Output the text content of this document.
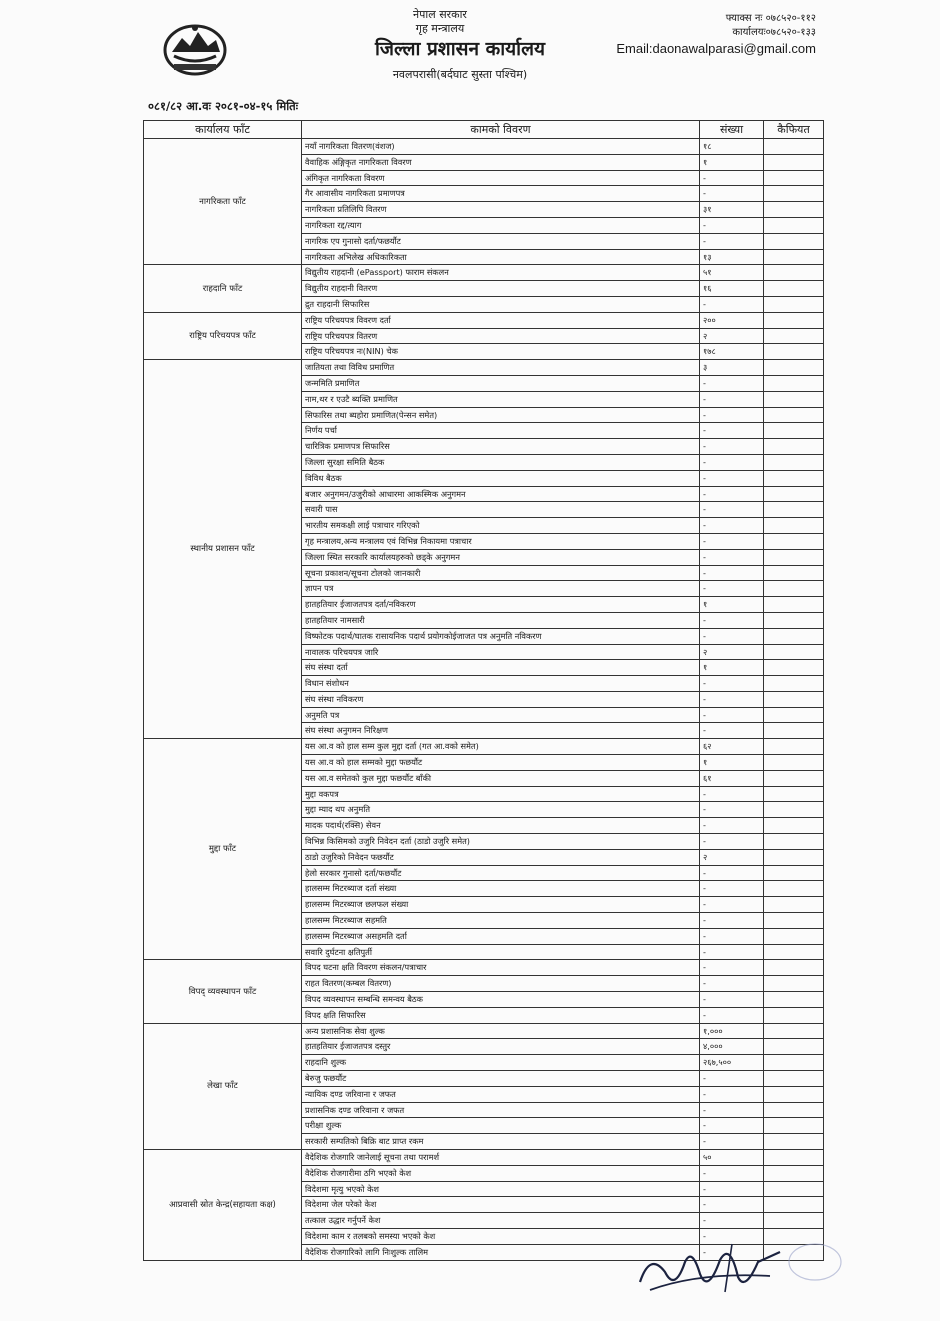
नेपाल सरकार
गृह मन्त्रालय
जिल्ला प्रशासन कार्यालय
नवलपरासी(बर्दघाट सुस्ता पश्चिम)
फ्याक्स नः ०७८५२०-११२
कार्यालयः०७८५२०-१३३
Email:daonawalparasi@gmail.com
०८१/८२ आ.वः २०८१-०४-१५ मितिः
कार्यालय फाँट	कामको विवरण	संख्या	कैफियत
नागरिकता फाँट	नयाँ नागरिकता वितरण(वंशज)	१८	
	वैवाहिक अंङ्गिकृत नागरिकता विवरण	१	
	अंगिकृत नागरिकता विवरण	-	
	गैर आवासीय नागरिकता प्रमाणपत्र	-	
	नागरिकता प्रतिलिपि वितरण	३१	
	नागरिकता रद्द/त्याग	-	
	नागरिक एप गुनासो दर्ता/फछर्यौट	-	
	नागरिकता अभिलेख अधिकारिकता	१३	
राहदानि फाँट	विद्युतीय राहदानी (ePassport) फाराम संकलन	५१	
	विद्युतीय राहदानी वितरण	१६	
	द्रुत राहदानी सिफारिस	-	
राष्ट्रिय परिचयपत्र फाँट	राष्ट्रिय परिचयपत्र विवरण दर्ता	२००	
	राष्ट्रिय परिचयपत्र वितरण	२	
	राष्ट्रिय परिचयपत्र नः(NIN) चेक	१७८	
स्थानीय प्रशासन फाँट	जातियता तथा विविध प्रमाणित	३	
	जन्ममिति प्रमाणित	-	
	नाम,थर र एउटै ब्यक्ति प्रमाणित	-	
	सिफारिस तथा ब्यहोरा प्रमाणित(पेन्सन समेत)	-	
	निर्णय पर्चा	-	
	चारित्रिक प्रमाणपत्र सिफारिस	-	
	जिल्ला सुरक्षा समिति बैठक	-	
	विविध बैठक	-	
	बजार अनुगमन/उजुरीको आधारमा आकस्मिक अनुगमन	-	
	सवारी पास	-	
	भारतीय समकक्षी लाई पत्राचार गरिएको	-	
	गृह मन्त्रालय,अन्य मन्त्रालय एवं विभिन्न निकायमा पत्राचार	-	
	जिल्ला स्थित सरकारि कार्यालयहरुको छड्के अनुगमन	-	
	सूचना प्रकाशन/सूचना टोलको जानकारी	-	
	ज्ञापन पत्र	-	
	हातहतियार ईजाजतपत्र दर्ता/नविकरण	१	
	हातहतियार नामसारी	-	
	विष्फोटक पदार्थ/घातक रासायनिक पदार्थ प्रयोगको‌ईजाजत पत्र अनुमति नविकरण	-	
	नावालक परिचयपत्र जारि	२	
	संघ संस्था दर्ता	१	
	विधान संशोधन	-	
	संघ संस्था नविकरण	-	
	अनुमति पत्र	-	
	संघ संस्था अनुगमन निरिक्षण	-	
मुद्दा फाँट	यस आ.व को हाल सम्म कुल मुद्दा दर्ता (गत आ.वको समेत)	६२	
	यस आ.व को हाल सम्मको मुद्दा फछर्यौट	१	
	यस आ.व समेतको कुल मुद्दा फछर्यौट बाँकी	६१	
	मुद्दा वकपत्र	-	
	मुद्दा म्याद थप अनुमति	-	
	मादक पदार्थ(रक्सि) सेवन	-	
	विभिन्न किसिमको उजुरि निवेदन दर्ता (ठाडो उजुरि समेत)	-	
	ठाडो उजुरिको निवेदन फछर्यौट	२	
	हेलो सरकार गुनासो दर्ता/फछर्यौट	-	
	हालसम्म मिटरब्याज दर्ता संख्या	-	
	हालसम्म मिटरब्याज छलफल संख्या	-	
	हालसम्म मिटरब्याज सहमति	-	
	हालसम्म मिटरब्याज असहमति दर्ता	-	
	सवारि दुर्घटना क्षतिपुर्ती	-	
विपद् व्यवस्थापन फाँट	विपद घटना क्षति विवरण संकलन/पत्राचार	-	
	राहत वितरण(कम्बल वितरण)	-	
	विपद व्यवस्थापन सम्बन्धि समन्वय बैठक	-	
	विपद क्षति सिफारिस	-	
लेखा फाँट	अन्य प्रशासनिक सेवा शुल्क	१,०००	
	हातहतियार ईजाजतपत्र दस्तुर	४,०००	
	राहदानि शुल्क	२६७,५००	
	बेरुजु फछर्यौट	-	
	न्यायिक दण्ड जरिवाना र जफत	-	
	प्रशासनिक दण्ड जरिवाना र जफत	-	
	परीक्षा शुल्क	-	
	सरकारी सम्पतिको बिक्रि बाट प्राप्त रकम	-	
आप्रवासी स्रोत केन्द्र(सहायता कक्ष)	वैदेशिक रोजगारि जानेलाई सूचना तथा परामर्श	५०	
	वैदेशिक रोजगारीमा ठगि भएको केश	-	
	विदेशमा मृत्यु भएको केश	-	
	विदेशमा जेल परेको केश	-	
	तत्काल उद्धार गर्नुपर्ने केश	-	
	विदेशमा काम र तलबको समस्या भएको केश	-	
	वैदेशिक रोजगारिको लागि निःशुल्क तालिम	-	
